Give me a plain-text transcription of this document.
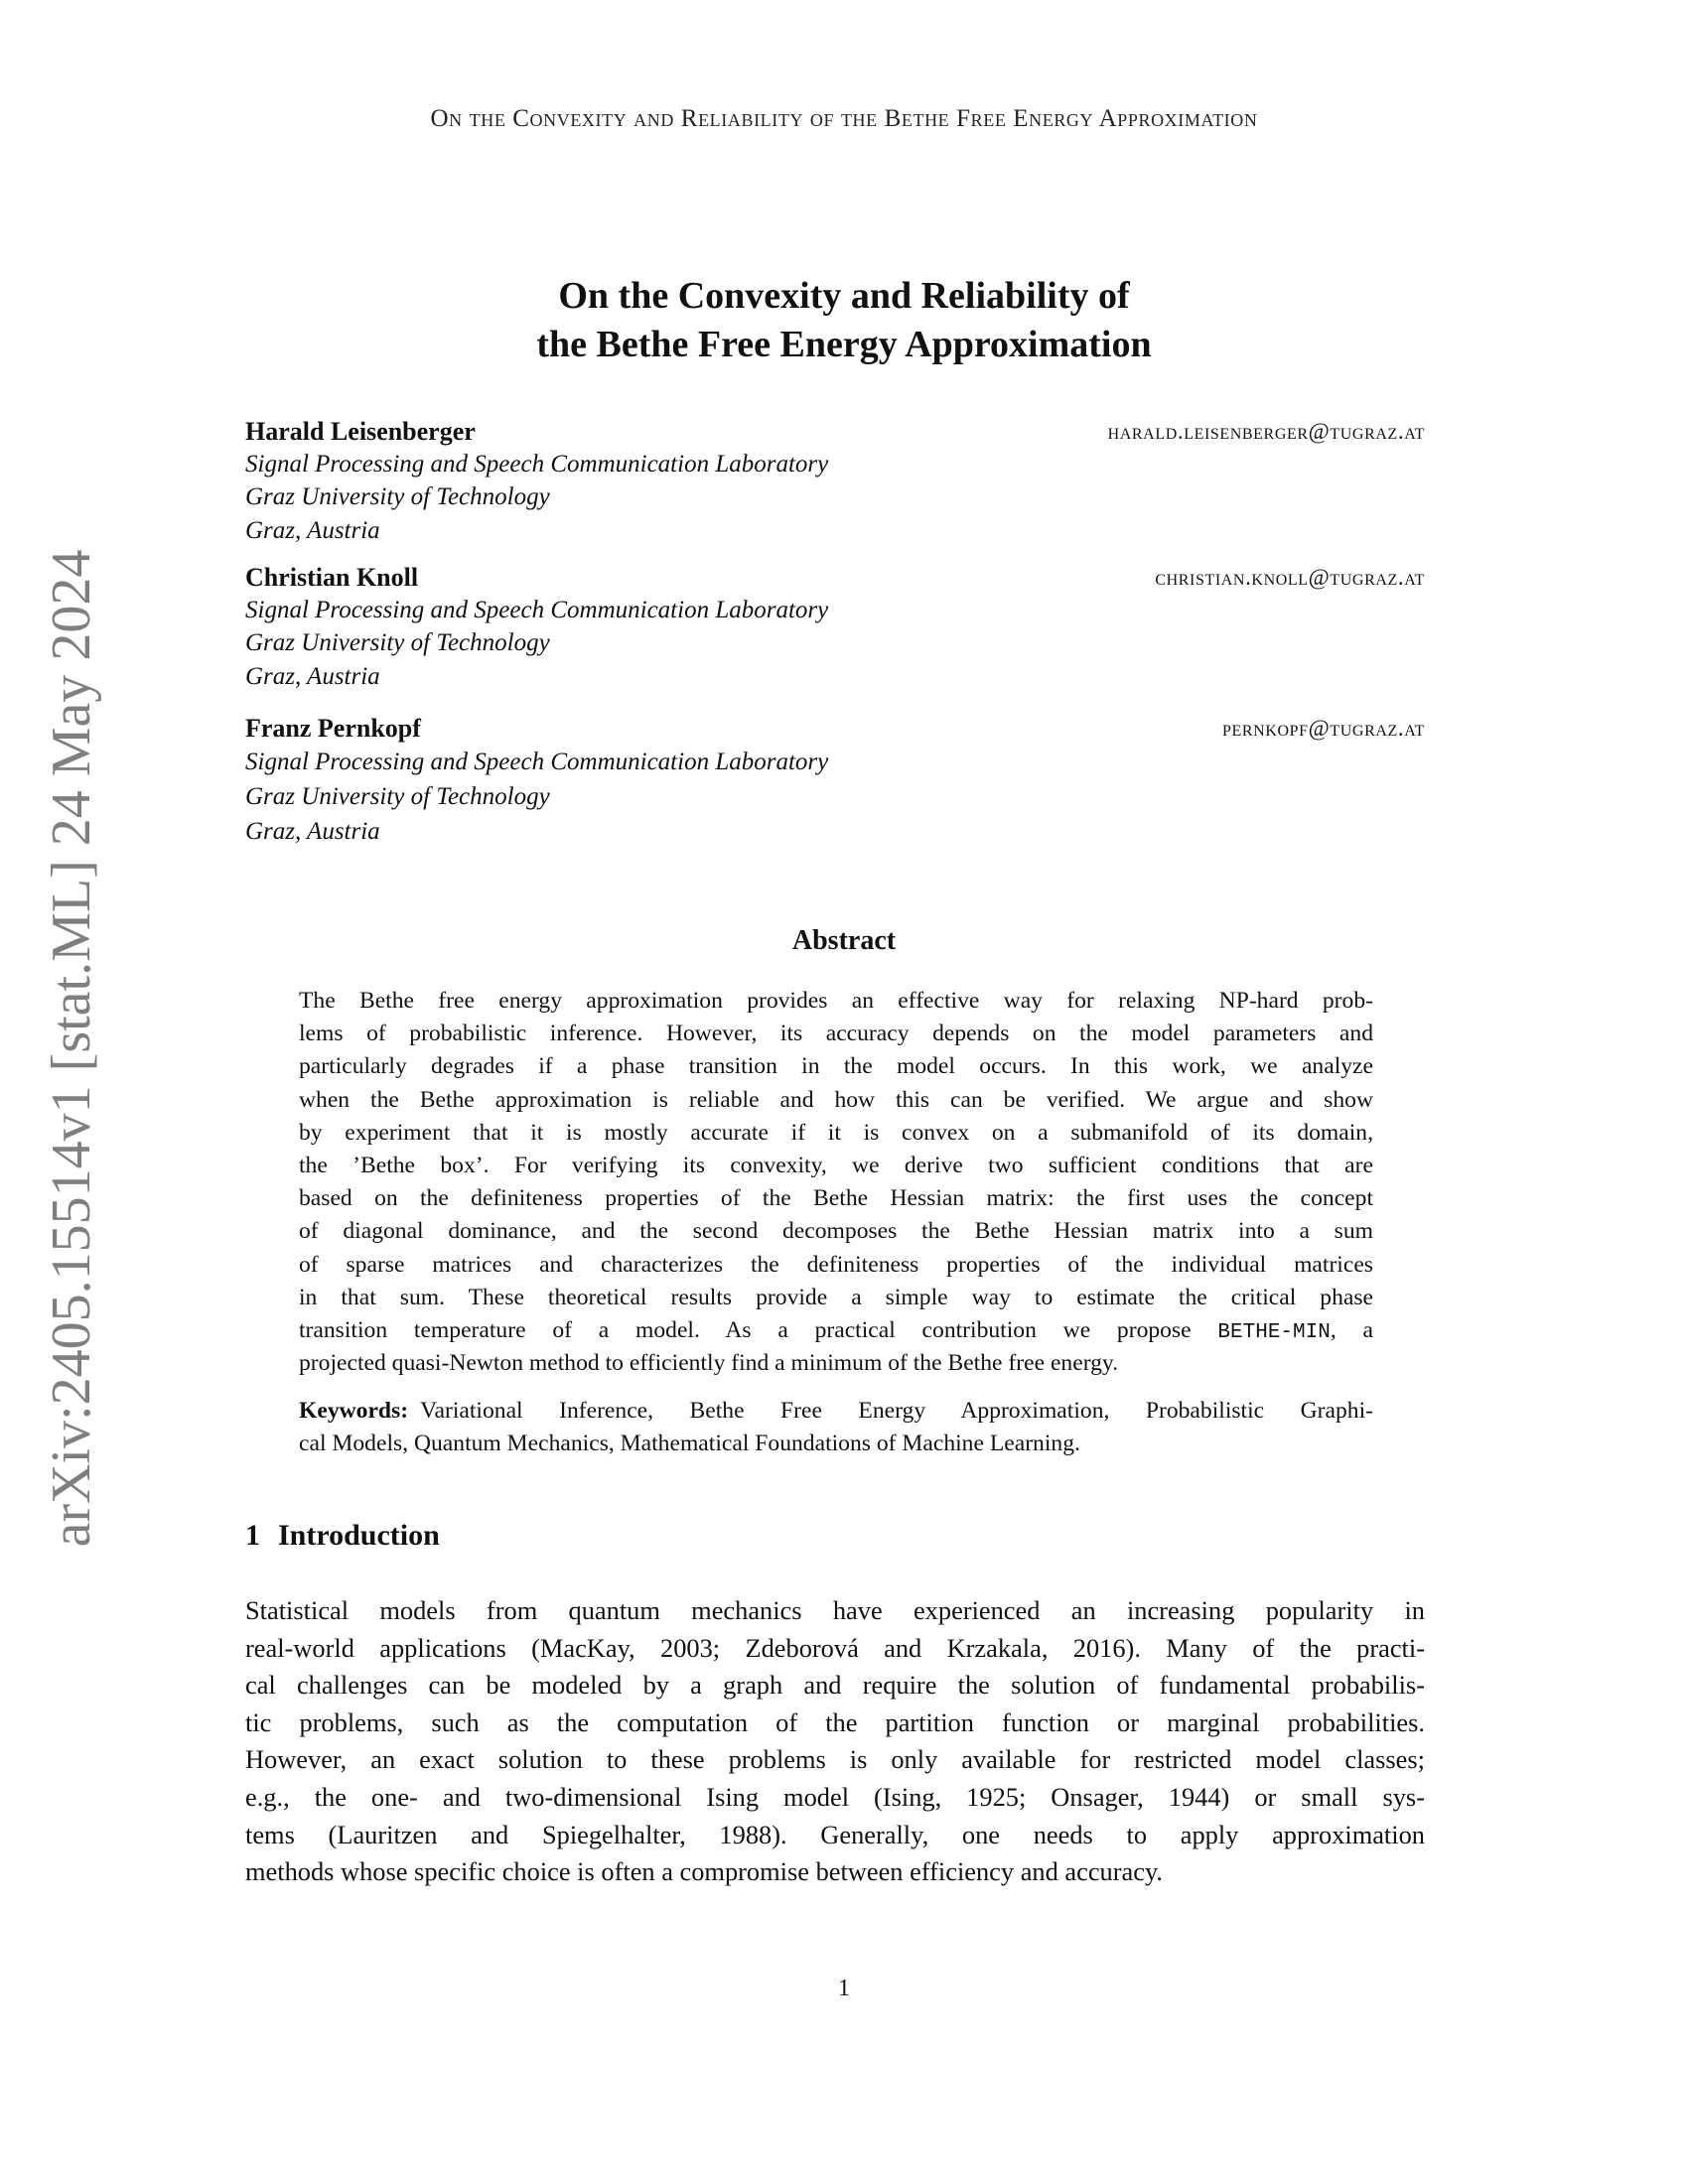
On the Convexity and Reliability of the Bethe Free Energy Approximation
arXiv:2405.15514v1 [stat.ML] 24 May 2024
On the Convexity and Reliability of
the Bethe Free Energy Approximation
Harald Leisenberger	harald.leisenberger@tugraz.at
Signal Processing and Speech Communication Laboratory
Graz University of Technology
Graz, Austria
Christian Knoll	christian.knoll@tugraz.at
Signal Processing and Speech Communication Laboratory
Graz University of Technology
Graz, Austria
Franz Pernkopf	pernkopf@tugraz.at
Signal Processing and Speech Communication Laboratory
Graz University of Technology
Graz, Austria
Abstract
The Bethe free energy approximation provides an effective way for relaxing NP-hard prob-
lems of probabilistic inference. However, its accuracy depends on the model parameters and
particularly degrades if a phase transition in the model occurs. In this work, we analyze
when the Bethe approximation is reliable and how this can be verified. We argue and show
by experiment that it is mostly accurate if it is convex on a submanifold of its domain,
the ’Bethe box’. For verifying its convexity, we derive two sufficient conditions that are
based on the definiteness properties of the Bethe Hessian matrix: the first uses the concept
of diagonal dominance, and the second decomposes the Bethe Hessian matrix into a sum
of sparse matrices and characterizes the definiteness properties of the individual matrices
in that sum. These theoretical results provide a simple way to estimate the critical phase
transition temperature of a model. As a practical contribution we propose BETHE-MIN, a
projected quasi-Newton method to efficiently find a minimum of the Bethe free energy.
Keywords: Variational Inference, Bethe Free Energy Approximation, Probabilistic Graphi-
cal Models, Quantum Mechanics, Mathematical Foundations of Machine Learning.
1 Introduction
Statistical models from quantum mechanics have experienced an increasing popularity in
real-world applications (MacKay, 2003; Zdeborová and Krzakala, 2016). Many of the practi-
cal challenges can be modeled by a graph and require the solution of fundamental probabilis-
tic problems, such as the computation of the partition function or marginal probabilities.
However, an exact solution to these problems is only available for restricted model classes;
e.g., the one- and two-dimensional Ising model (Ising, 1925; Onsager, 1944) or small sys-
tems (Lauritzen and Spiegelhalter, 1988). Generally, one needs to apply approximation
methods whose specific choice is often a compromise between efficiency and accuracy.
1
